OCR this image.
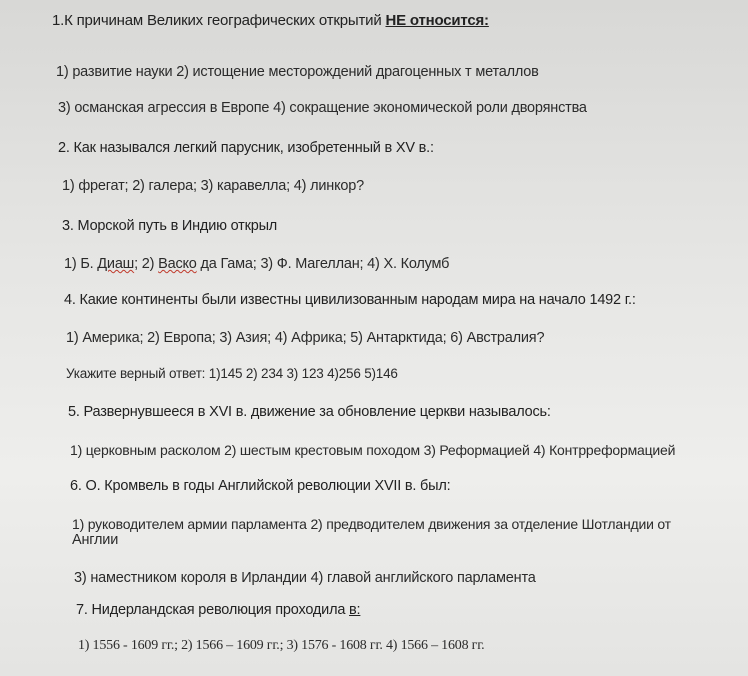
1.К причинам Великих географических открытий НЕ относится:
1) развитие науки 2) истощение месторождений драгоценных т металлов
3) османская агрессия в Европе 4) сокращение экономической роли дворянства
2. Как назывался легкий парусник, изобретенный в XV в.:
1) фрегат; 2) галера; 3) каравелла; 4) линкор?
3. Морской путь в Индию открыл
1) Б. Диаш; 2) Васко да Гама; 3) Ф. Магеллан; 4) Х. Колумб
4. Какие континенты были известны цивилизованным народам мира на начало 1492 г.:
1) Америка; 2) Европа; 3) Азия; 4) Африка; 5) Антарктида; 6) Австралия?
Укажите верный ответ: 1)145 2) 234 3) 123 4)256 5)146
5. Развернувшееся в XVI в. движение за обновление церкви называлось:
1) церковным расколом 2) шестым крестовым походом 3) Реформацией 4) Контрреформацией
6. О. Кромвель в годы Английской революции XVII в. был:
1) руководителем армии парламента 2) предводителем движения за отделение Шотландии от
Англии
3) наместником короля в Ирландии 4) главой английского парламента
7. Нидерландская революция проходила в:
1) 1556 - 1609 гг.; 2) 1566 – 1609 гг.; 3) 1576 - 1608 гг. 4) 1566 – 1608 гг.
